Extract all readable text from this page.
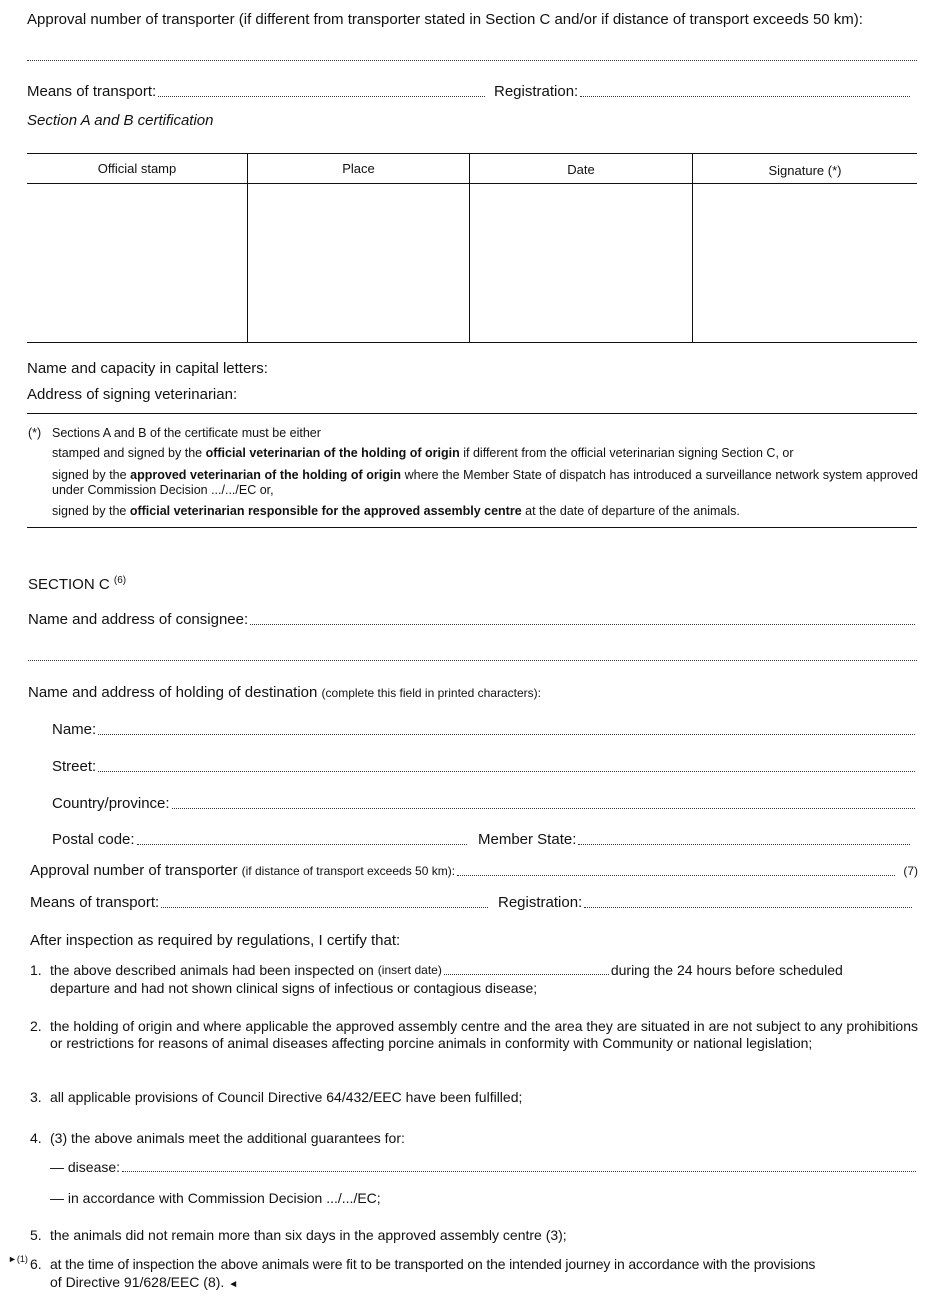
Approval number of transporter (if different from transporter stated in Section C and/or if distance of transport exceeds 50 km):
Means of transport:	Registration:
Section A and B certification
Official stamp	Place	Date	Signature (*)
Name and capacity in capital letters:
Address of signing veterinarian:
(*) Sections A and B of the certificate must be either
stamped and signed by the official veterinarian of the holding of origin if different from the official veterinarian signing Section C, or
signed by the approved veterinarian of the holding of origin where the Member State of dispatch has introduced a surveillance network system approved under Commission Decision .../.../EC or,
signed by the official veterinarian responsible for the approved assembly centre at the date of departure of the animals.
SECTION C $^{(6)}$
Name and address of consignee:
Name and address of holding of destination (complete this field in printed characters):
Name:
Street:
Country/province:
Postal code:	Member State:
Approval number of transporter (if distance of transport exceeds 50 km):	(7)
Means of transport:	Registration:
After inspection as required by regulations, I certify that:
1. the above described animals had been inspected on (insert date)	during the 24 hours before scheduled
departure and had not shown clinical signs of infectious or contagious disease;
2. the holding of origin and where applicable the approved assembly centre and the area they are situated in are not subject to any prohibitions or restrictions for reasons of animal diseases affecting porcine animals in conformity with Community or national legislation;
3. all applicable provisions of Council Directive 64/432/EEC have been fulfilled;
4. (3) the above animals meet the additional guarantees for:
— disease:
— in accordance with Commission Decision .../.../EC;
5. the animals did not remain more than six days in the approved assembly centre (3);
►(1) 6. at the time of inspection the above animals were fit to be transported on the intended journey in accordance with the provisions
of Directive 91/628/EEC (8). ◄
